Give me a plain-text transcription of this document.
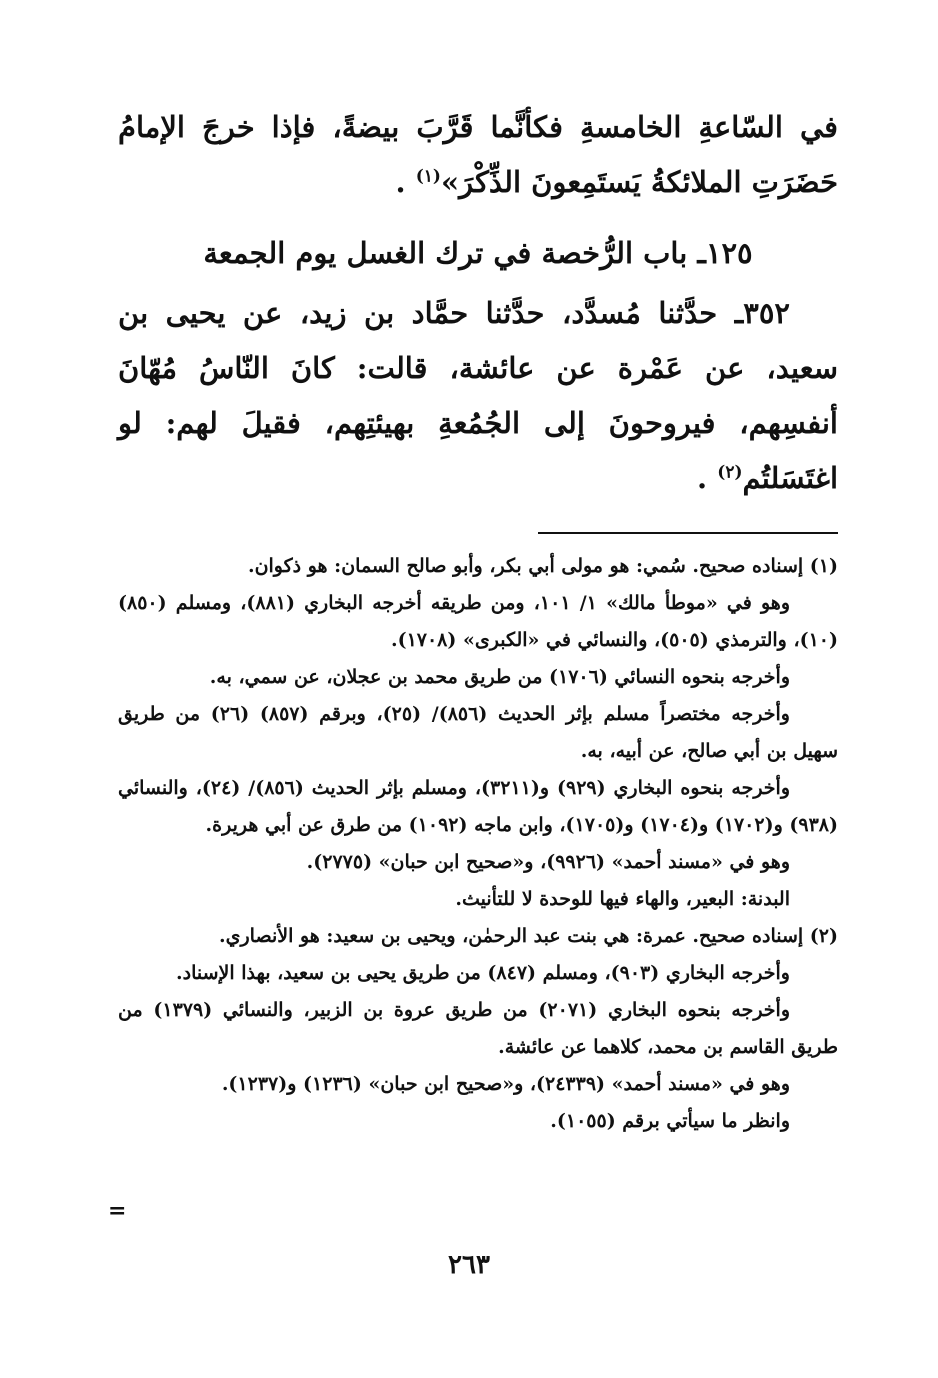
في السّاعةِ الخامسةِ فكأنَّما قَرَّبَ بيضةً، فإذا خرجَ الإمامُ حَضَرَتِ الملائكةُ يَستَمِعونَ الذِّكْرَ»$^{(١)}$ .

١٢٥ـ باب الرُّخصة في ترك الغسل يوم الجمعة

٣٥٢ـ حدَّثنا مُسدَّد، حدَّثنا حمَّاد بن زيد، عن يحيى بن سعيد، عن عَمْرة عن عائشة، قالت: كانَ النّاسُ مُهّانَ أنفسِهم، فيروحونَ إلى الجُمُعةِ بهيئتِهم، فقيلَ لهم: لو اغتَسَلتُم$^{(٢)}$ .

(١) إسناده صحيح. سُمي: هو مولى أبي بكر، وأبو صالح السمان: هو ذكوان.

وهو في «موطأ مالك» ١/ ١٠١، ومن طريقه أخرجه البخاري (٨٨١)، ومسلم (٨٥٠) (١٠)، والترمذي (٥٠٥)، والنسائي في «الكبرى» (١٧٠٨).

وأخرجه بنحوه النسائي (١٧٠٦) من طريق محمد بن عجلان، عن سمي، به.

وأخرجه مختصراً مسلم بإثر الحديث (٨٥٦)/ (٢٥)، وبرقم (٨٥٧) (٢٦) من طريق سهيل بن أبي صالح، عن أبيه، به.

وأخرجه بنحوه البخاري (٩٢٩) و(٣٢١١)، ومسلم بإثر الحديث (٨٥٦)/ (٢٤)، والنسائي (٩٣٨) و(١٧٠٢) و(١٧٠٤) و(١٧٠٥)، وابن ماجه (١٠٩٢) من طرق عن أبي هريرة.

وهو في «مسند أحمد» (٩٩٢٦)، و«صحيح ابن حبان» (٢٧٧٥).

البدنة: البعير، والهاء فيها للوحدة لا للتأنيث.

(٢) إسناده صحيح. عمرة: هي بنت عبد الرحمٰن، ويحيى بن سعيد: هو الأنصاري.

وأخرجه البخاري (٩٠٣)، ومسلم (٨٤٧) من طريق يحيى بن سعيد، بهذا الإسناد.

وأخرجه بنحوه البخاري (٢٠٧١) من طريق عروة بن الزبير، والنسائي (١٣٧٩) من طريق القاسم بن محمد، كلاهما عن عائشة.

وهو في «مسند أحمد» (٢٤٣٣٩)، و«صحيح ابن حبان» (١٢٣٦) و(١٢٣٧).

وانظر ما سيأتي برقم (١٠٥٥).

=
٢٦٣
